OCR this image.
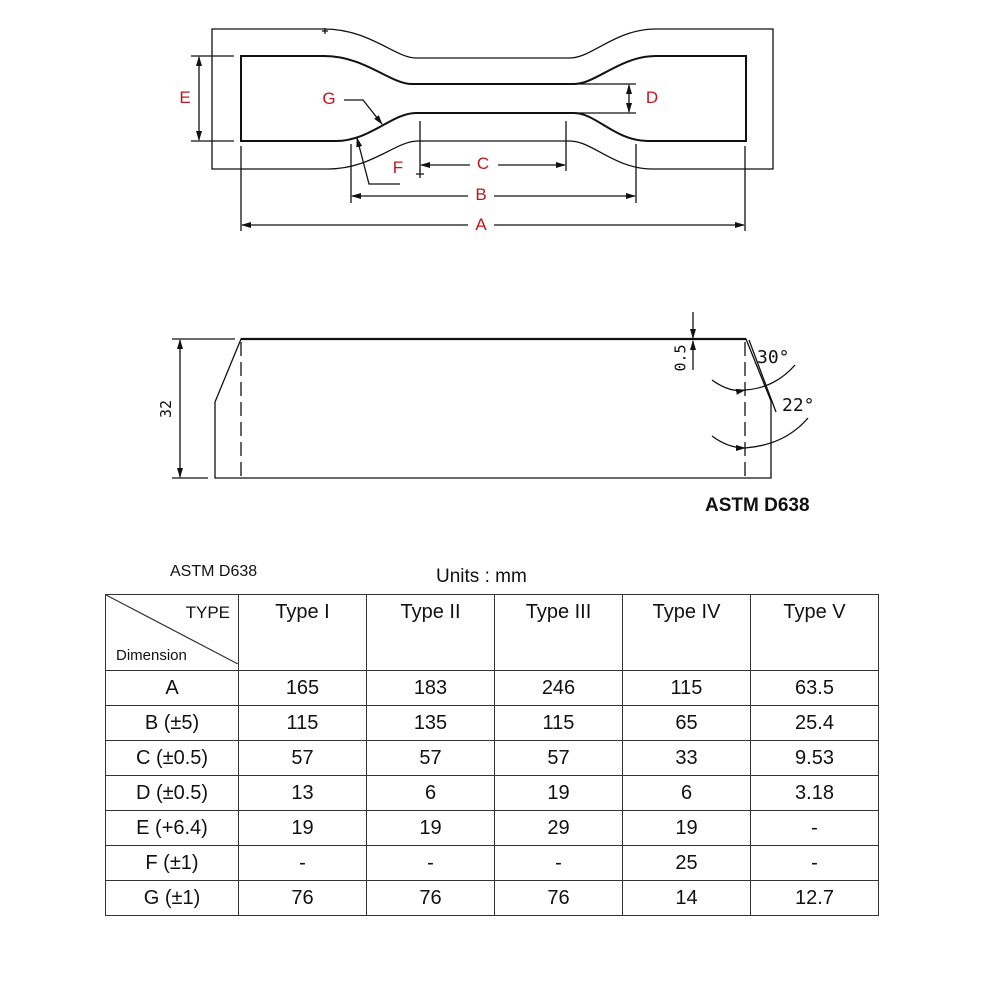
E	D
G
F	C
B
A
32
0.5	30°
22°
ASTM D638
ASTM D638	Units : mm
TYPE
Dimension	Type I	Type II	Type III	Type IV	Type V
A	165	183	246	115	63.5
B (±5)	115	135	115	65	25.4
C (±0.5)	57	57	57	33	9.53
D (±0.5)	13	6	19	6	3.18
E (+6.4)	19	19	29	19	-
F (±1)	-	-	-	25	-
G (±1)	76	76	76	14	12.7
